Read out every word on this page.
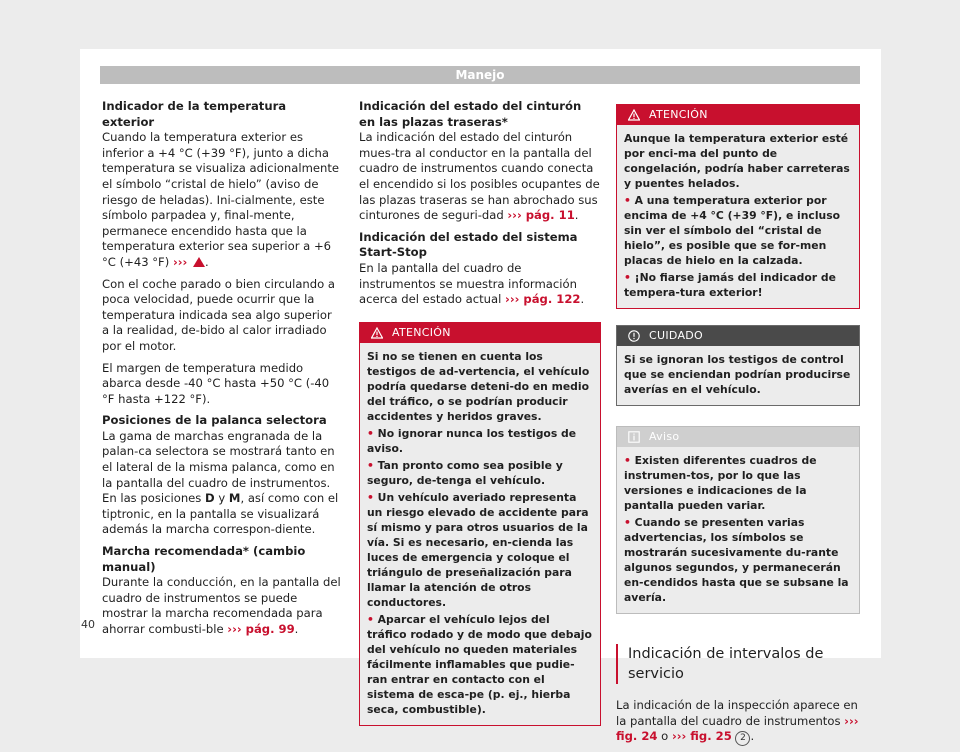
Manejo

Indicador de la temperatura exterior

Cuando la temperatura exterior es inferior a +4 °C (+39 °F), junto a dicha temperatura se visualiza adicionalmente el símbolo “cristal de hielo” (aviso de riesgo de heladas). Ini-cialmente, este símbolo parpadea y, final-mente, permanece encendido hasta que la temperatura exterior sea superior a +6 °C (+43 °F) ››› .

Con el coche parado o bien circulando a poca velocidad, puede ocurrir que la temperatura indicada sea algo superior a la realidad, de-bido al calor irradiado por el motor.

El margen de temperatura medido abarca desde -40 °C hasta +50 °C (-40 °F hasta +122 °F).

Posiciones de la palanca selectora

La gama de marchas engranada de la palan-ca selectora se mostrará tanto en el lateral de la misma palanca, como en la pantalla del cuadro de instrumentos. En las posiciones D y M, así como con el tiptronic, en la pantalla se visualizará además la marcha correspon-diente.

Marcha recomendada* (cambio manual)

Durante la conducción, en la pantalla del cuadro de instrumentos se puede mostrar la marcha recomendada para ahorrar combusti-ble ››› pág. 99.

Indicación del estado del cinturón en las plazas traseras*

La indicación del estado del cinturón mues-tra al conductor en la pantalla del cuadro de instrumentos cuando conecta el encendido si los posibles ocupantes de las plazas traseras se han abrochado sus cinturones de seguri-dad ››› pág. 11.

Indicación del estado del sistema Start-Stop

En la pantalla del cuadro de instrumentos se muestra información acerca del estado actual ››› pág. 122.

ATENCIÓN

Si no se tienen en cuenta los testigos de ad-vertencia, el vehículo podría quedarse deteni-do en medio del tráfico, o se podrían producir accidentes y heridos graves.

• No ignorar nunca los testigos de aviso.

• Tan pronto como sea posible y seguro, de-tenga el vehículo.

• Un vehículo averiado representa un riesgo elevado de accidente para sí mismo y para otros usuarios de la vía. Si es necesario, en-cienda las luces de emergencia y coloque el triángulo de preseñalización para llamar la atención de otros conductores.

• Aparcar el vehículo lejos del tráfico rodado y de modo que debajo del vehículo no queden materiales fácilmente inflamables que pudie-ran entrar en contacto con el sistema de esca-pe (p. ej., hierba seca, combustible).

ATENCIÓN

Aunque la temperatura exterior esté por enci-ma del punto de congelación, podría haber carreteras y puentes helados.

• A una temperatura exterior por encima de +4 °C (+39 °F), e incluso sin ver el símbolo del “cristal de hielo”, es posible que se for-men placas de hielo en la calzada.

• ¡No fiarse jamás del indicador de tempera-tura exterior!

CUIDADO

Si se ignoran los testigos de control que se enciendan podrían producirse averías en el vehículo.

Aviso

• Existen diferentes cuadros de instrumen-tos, por lo que las versiones e indicaciones de la pantalla pueden variar.

• Cuando se presenten varias advertencias, los símbolos se mostrarán sucesivamente du-rante algunos segundos, y permanecerán en-cendidos hasta que se subsane la avería.

Indicación de intervalos de servicio

La indicación de la inspección aparece en la pantalla del cuadro de instrumentos ››› fig. 24 o ››› fig. 25 2 .

40
